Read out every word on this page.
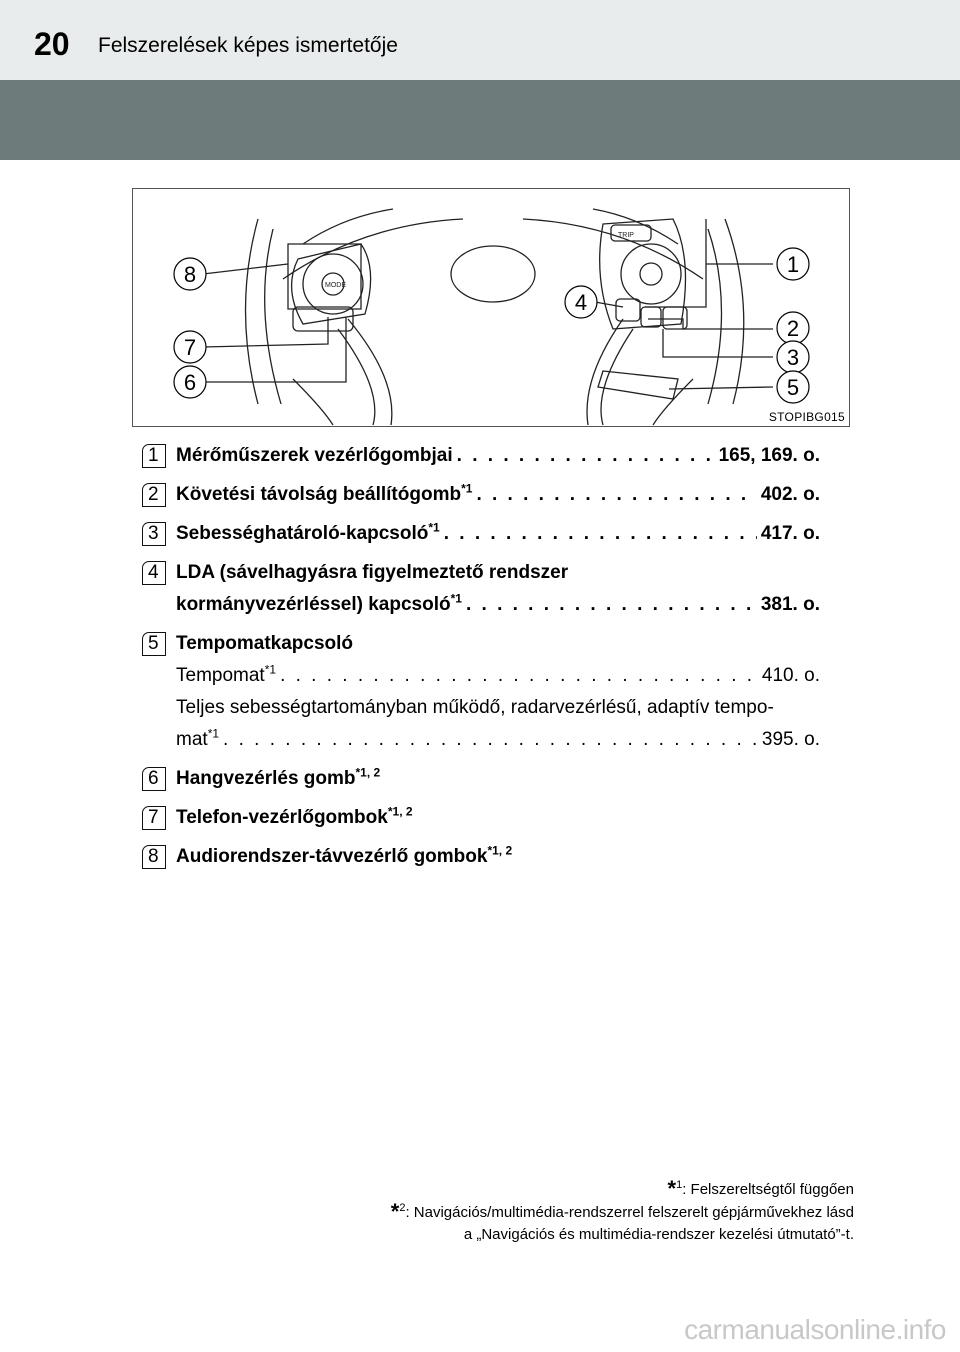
20 Felszerelések képes ismertetője
TRIP
MODE
1
2
3
4
5
6
7
8
STOPIBG015
1 Mérőműszerek vezérlőgombjai . . .	165, 169. o.
2 Követési távolság beállítógomb$^{*1}$ . . .	402. o.
3 Sebességhatároló-kapcsoló$^{*1}$ . . .	417. o.
4 LDA (sávelhagyásra figyelmeztető rendszer
kormányvezérléssel) kapcsoló$^{*1}$ . . .	381. o.
5 Tempomatkapcsoló
Tempomat$^{*1}$ . . .	410. o.
Teljes sebességtartományban működő, radarvezérlésű, adaptív tempo-
mat$^{*1}$ . . .	395. o.
6 Hangvezérlés gomb$^{*1, 2}$
7 Telefon-vezérlőgombok$^{*1, 2}$
8 Audiorendszer-távvezérlő gombok$^{*1, 2}$
*$^1$: Felszereltségtől függően
*$^2$: Navigációs/multimédia-rendszerrel felszerelt gépjárművekhez lásd
a „Navigációs és multimédia-rendszer kezelési útmutató”-t.
carmanualsonline.info
